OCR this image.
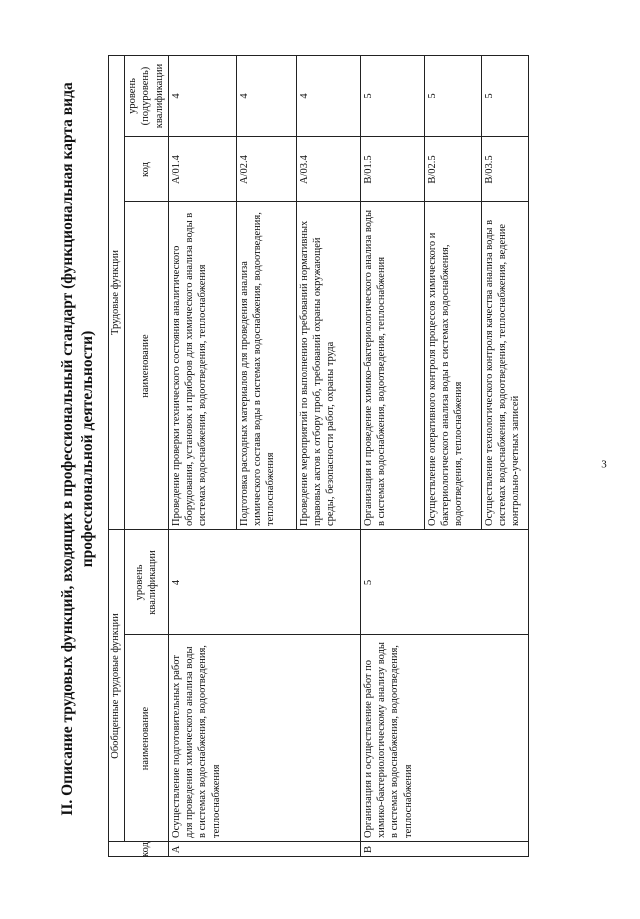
3
II. Описание трудовых функций, входящих в профессиональный стандарт (функциональная карта вида профессиональной деятельности)
Обобщенные трудовые функции
Трудовые функции
код
наименование
уровень квалификации
наименование
код
уровень (подуровень) квалификации
A
Осуществление подготовительных работ для проведения химического анализа воды в системах водоснабжения, водоотведения, теплоснабжения
4
B
Организация и осуществление работ по химико-бактериологическому анализу воды в системах водоснабжения, водоотведения, теплоснабжения
5
Проведение проверки технического состояния аналитического оборудования, установок и приборов для химического анализа воды в системах водоснабжения, водоотведения, теплоснабжения
A/01.4
4
Подготовка расходных материалов для проведения анализа химического состава воды в системах водоснабжения, водоотведения, теплоснабжения
A/02.4
4
Проведение мероприятий по выполнению требований нормативных правовых актов к отбору проб, требований охраны окружающей среды, безопасности работ, охраны труда
A/03.4
4
Организация и проведение химико-бактериологического анализа воды в системах водоснабжения, водоотведения, теплоснабжения
B/01.5
5
Осуществление оперативного контроля процессов химического и бактериологического анализа воды в системах водоснабжения, водоотведения, теплоснабжения
B/02.5
5
Осуществление технологического контроля качества анализа воды в системах водоснабжения, водоотведения, теплоснабжения, ведение контрольно-учетных записей
B/03.5
5
